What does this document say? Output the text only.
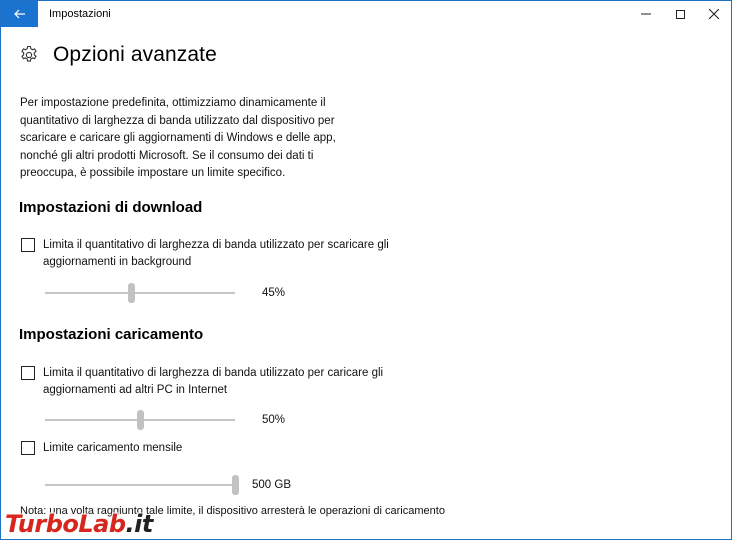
Impostazioni
Opzioni avanzate

Per impostazione predefinita, ottimizziamo dinamicamente il quantitativo di larghezza di banda utilizzato dal dispositivo per scaricare e caricare gli aggiornamenti di Windows e delle app, nonché gli altri prodotti Microsoft. Se il consumo dei dati ti preoccupa, è possibile impostare un limite specifico.

Impostazioni di download
Limita il quantitativo di larghezza di banda utilizzato per scaricare gli aggiornamenti in background
45%
Impostazioni caricamento
Limita il quantitativo di larghezza di banda utilizzato per caricare gli aggiornamenti ad altri PC in Internet
50%
Limite caricamento mensile
500 GB

Nota: una volta raggiunto tale limite, il dispositivo arresterà le operazioni di caricamento

TurboLab .it
